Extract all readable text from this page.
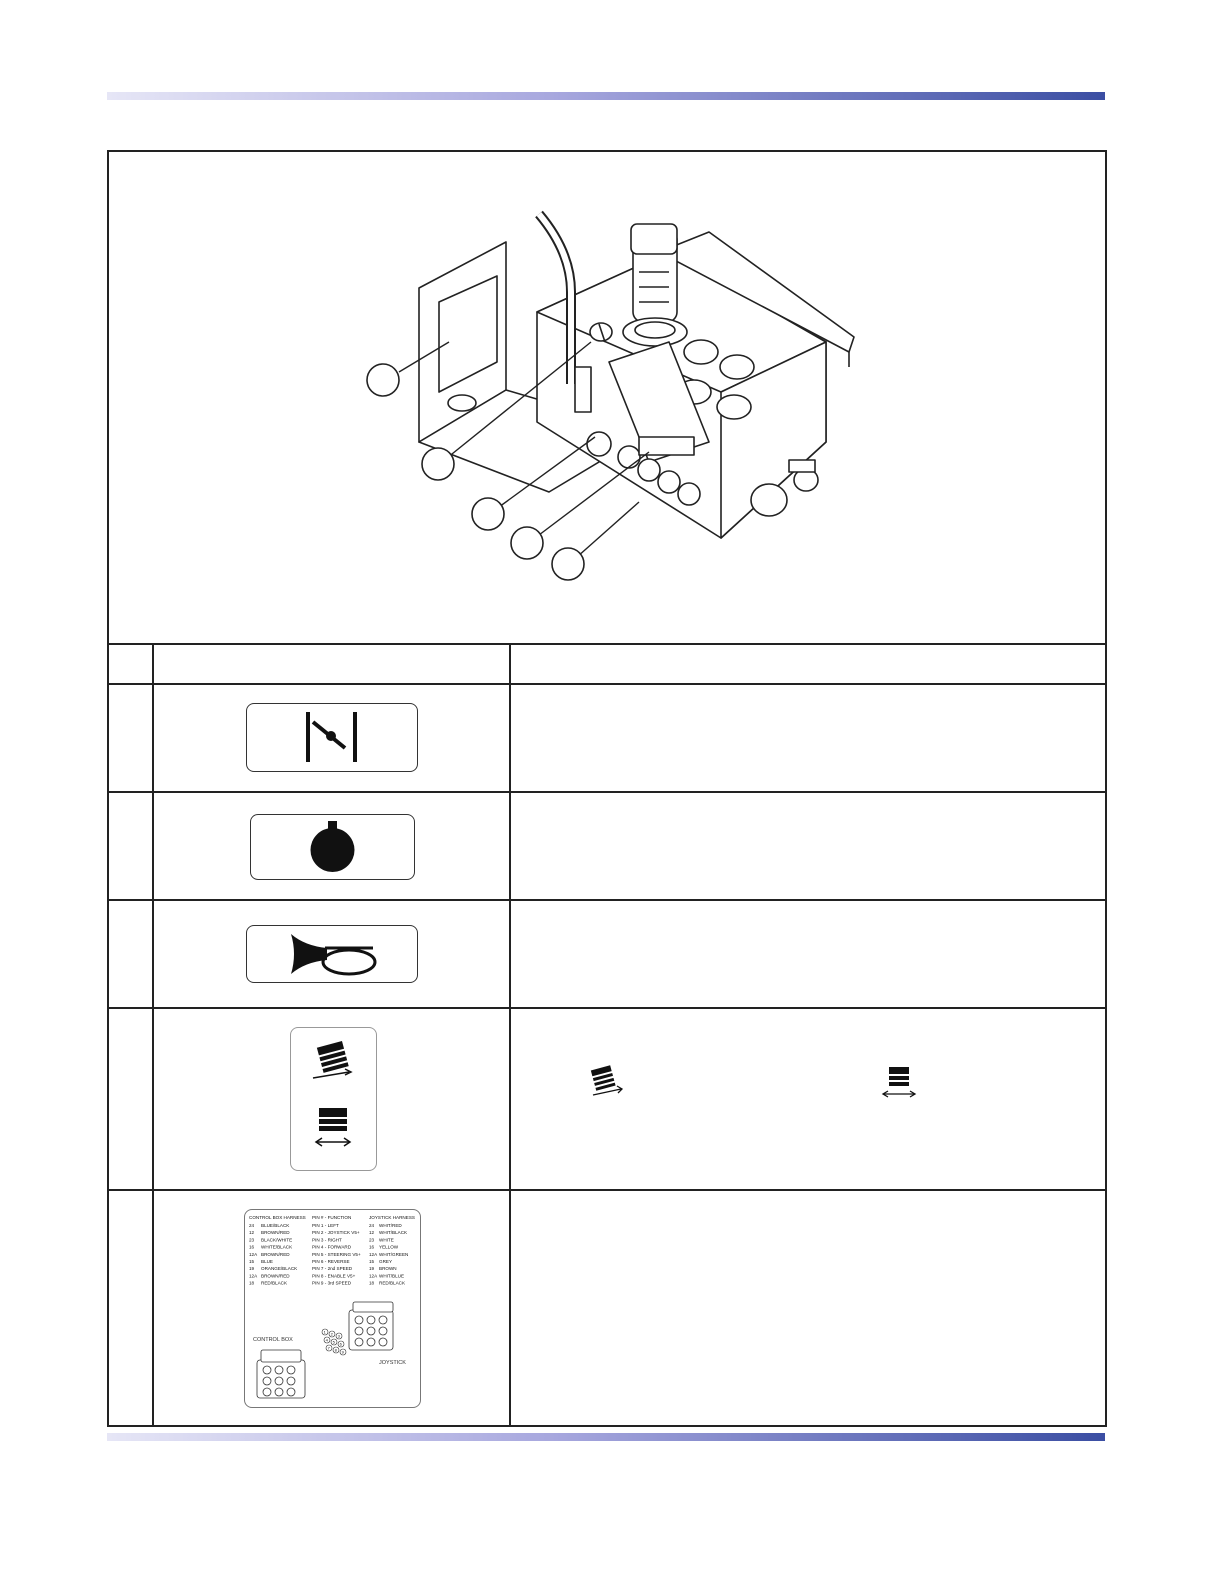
CONTROL BOX HARNESS PIN # - FUNCTION	JOYSTICK HARNESS
24 BLUE/BLACK	PIN 1 - LEFT	24 WHIT/RED
12 BROWN/RED	PIN 2 - JOYSTICK V5+ 12 WHIT/BLACK
23 BLACK/WHITE	PIN 3 - RIGHT	23 WHITE
16 WHITE/BLACK	PIN 4 - FORWARD	16 YELLOW
12A BROWN/RED	PIN 5 - STEERING V5+ 12A WHIT/GREEN
15 BLUE	PIN 6 - REVERSE	15 GREY
19 ORANGE/BLACK	PIN 7 - 2nd SPEED	19 BROWN
12A BROWN/RED	PIN 8 - ENABLE V5+	12A WHIT/BLUE
18 RED/BLACK	PIN 9 - 3rd SPEED	18 RED/BLACK
1 2 3
4 5 6
7 8 9
CONTROL BOX
JOYSTICK
